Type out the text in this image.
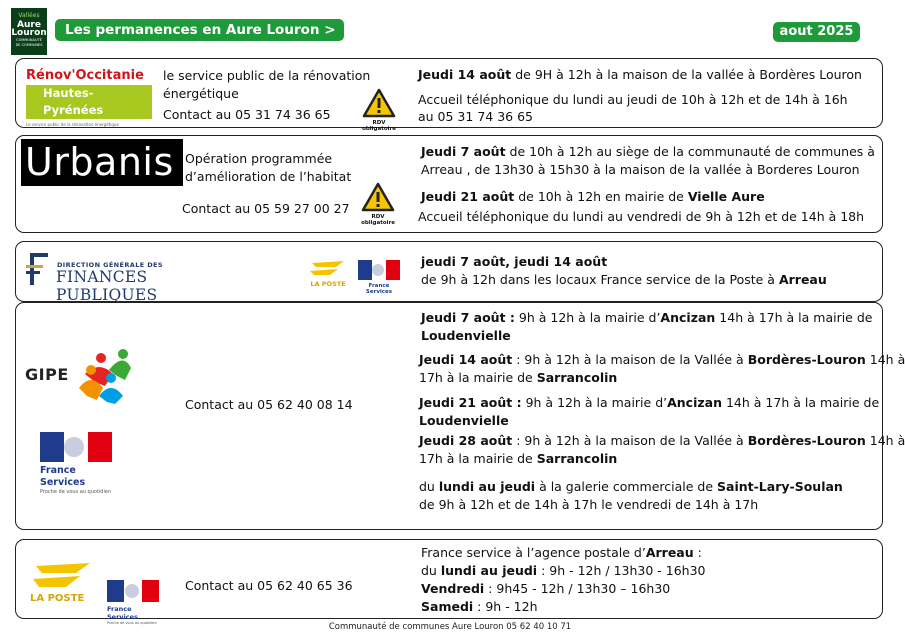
Vallées
Aure
Louron
COMMUNAUTÉ
DE COMMUNES
Les permanences en Aure Louron >	aout 2025
Rénov'Occitanie
Hautes-Pyrénées
Le service public de la rénovation énergétique
le service public de la rénovation
énergétique
Contact au 05 31 74 36 65
RDV obligatoire
Jeudi 14 août de 9H à 12h à la maison de la vallée à Bordères Louron
Accueil téléphonique du lundi au jeudi de 10h à 12h et de 14h à 16h
au 05 31 74 36 65
Urbanis Opération programmée
d’amélioration de l’habitat
Contact au 05 59 27 00 27
RDV obligatoire
Jeudi 7 août de 10h à 12h au siège de la communauté de communes à
Arreau , de 13h30 à 15h30 à la maison de la vallée à Borderes Louron
Jeudi 21 août de 10h à 12h en mairie de Vielle Aure
Accueil téléphonique du lundi au vendredi de 9h à 12h et de 14h à 18h
DIRECTION GÉNÉRALE DES
FINANCES PUBLIQUES
LA POSTE	France Services
jeudi 7 août, jeudi 14 août
de 9h à 12h dans les locaux France service de la Poste à Arreau
GIPE
France Services
Proche de vous au quotidien
Contact au 05 62 40 08 14
Jeudi 7 août : 9h à 12h à la mairie d’Ancizan 14h à 17h à la mairie de
Loudenvielle
Jeudi 14 août : 9h à 12h à la maison de la Vallée à Bordères-Louron 14h à
17h à la mairie de Sarrancolin
Jeudi 21 août : 9h à 12h à la mairie d’Ancizan 14h à 17h à la mairie de
Loudenvielle
Jeudi 28 août : 9h à 12h à la maison de la Vallée à Bordères-Louron 14h à
17h à la mairie de Sarrancolin
du lundi au jeudi à la galerie commerciale de Saint-Lary-Soulan
de 9h à 12h et de 14h à 17h le vendredi de 14h à 17h
LA POSTE
France Services
Proche de vous au quotidien
Contact au 05 62 40 65 36
France service à l’agence postale d’Arreau :
du lundi au jeudi : 9h - 12h / 13h30 - 16h30
Vendredi : 9h45 - 12h / 13h30 – 16h30
Samedi : 9h - 12h
Communauté de communes Aure Louron 05 62 40 10 71
